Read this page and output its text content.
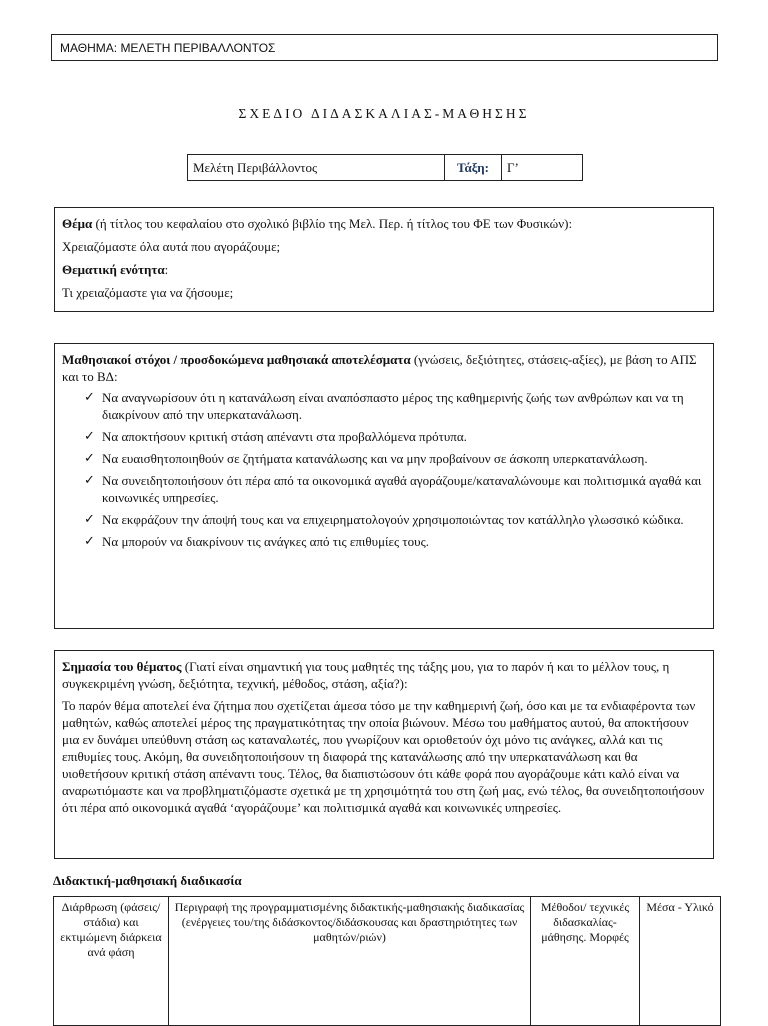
ΜΑΘΗΜΑ: ΜΕΛΕΤΗ ΠΕΡΙΒΑΛΛΟΝΤΟΣ
ΣΧΕΔΙΟ ΔΙΔΑΣΚΑΛΙΑΣ-ΜΑΘΗΣΗΣ
Μελέτη Περιβάλλοντος	Τάξη:	Γ’

Θέμα (ή τίτλος του κεφαλαίου στο σχολικό βιβλίο της Μελ. Περ. ή τίτλος του ΦΕ των Φυσικών):

Χρειαζόμαστε όλα αυτά που αγοράζουμε;

Θεματική ενότητα:

Τι χρειαζόμαστε για να ζήσουμε;

Μαθησιακοί στόχοι / προσδοκώμενα μαθησιακά αποτελέσματα (γνώσεις, δεξιότητες, στάσεις-αξίες), με βάση το ΑΠΣ και το ΒΔ:

✓ Να αναγνωρίσουν ότι η κατανάλωση είναι αναπόσπαστο μέρος της καθημερινής ζωής των ανθρώπων και να τη διακρίνουν από την υπερκατανάλωση.
✓ Να αποκτήσουν κριτική στάση απέναντι στα προβαλλόμενα πρότυπα.
✓ Να ευαισθητοποιηθούν σε ζητήματα κατανάλωσης και να μην προβαίνουν σε άσκοπη υπερκατανάλωση.
✓ Να συνειδητοποιήσουν ότι πέρα από τα οικονομικά αγαθά αγοράζουμε/καταναλώνουμε και πολιτισμικά αγαθά και κοινωνικές υπηρεσίες.
✓ Να εκφράζουν την άποψή τους και να επιχειρηματολογούν χρησιμοποιώντας τον κατάλληλο γλωσσικό κώδικα.
✓ Να μπορούν να διακρίνουν τις ανάγκες από τις επιθυμίες τους.

Σημασία του θέματος (Γιατί είναι σημαντική για τους μαθητές της τάξης μου, για το παρόν ή και το μέλλον τους, η συγκεκριμένη γνώση, δεξιότητα, τεχνική, μέθοδος, στάση, αξία?):

Το παρόν θέμα αποτελεί ένα ζήτημα που σχετίζεται άμεσα τόσο με την καθημερινή ζωή, όσο και με τα ενδιαφέροντα των μαθητών, καθώς αποτελεί μέρος της πραγματικότητας την οποία βιώνουν. Μέσω του μαθήματος αυτού, θα αποκτήσουν μια εν δυνάμει υπεύθυνη στάση ως καταναλωτές, που γνωρίζουν και οριοθετούν όχι μόνο τις ανάγκες, αλλά και τις επιθυμίες τους. Ακόμη, θα συνειδητοποιήσουν τη διαφορά της κατανάλωσης από την υπερκατανάλωση και θα υιοθετήσουν κριτική στάση απέναντι τους. Τέλος, θα διαπιστώσουν ότι κάθε φορά που αγοράζουμε κάτι καλό είναι να αναρωτιόμαστε και να προβληματιζόμαστε σχετικά με τη χρησιμότητά του στη ζωή μας, ενώ τέλος, θα συνειδητοποιήσουν ότι πέρα από οικονομικά αγαθά ‘αγοράζουμε’ και πολιτισμικά αγαθά και κοινωνικές υπηρεσίες.

Διδακτική-μαθησιακή διαδικασία
Διάρθρωση (φάσεις/στάδια) και εκτιμώμενη διάρκεια ανά φάση	Περιγραφή της προγραμματισμένης διδακτικής-μαθησιακής διαδικασίας (ενέργειες του/της διδάσκοντος/διδάσκουσας και δραστηριότητες των μαθητών/ριών)	Μέθοδοι/ τεχνικές διδασκαλίας-μάθησης. Μορφές	Μέσα - Υλικό
